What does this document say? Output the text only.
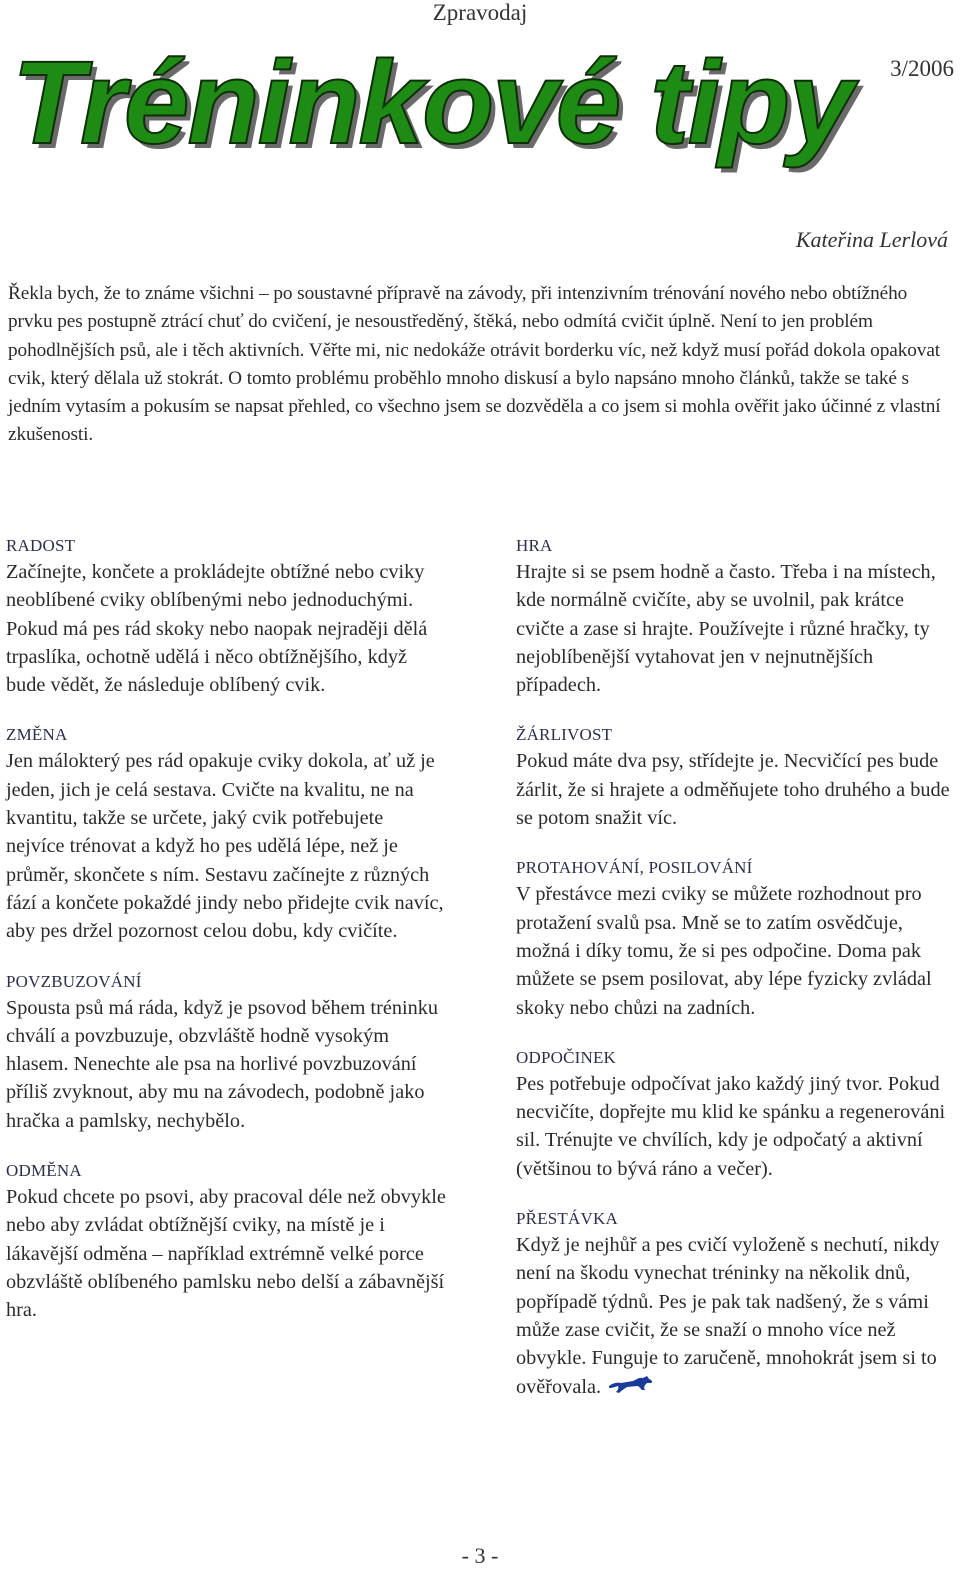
Zpravodaj
3/2006
Tréninkové tipy
Kateřina Lerlová

Řekla bych, že to známe všichni – po soustavné přípravě na závody, při intenzivním trénování nového nebo obtížného prvku pes postupně ztrácí chuť do cvičení, je nesoustředěný, štěká, nebo odmítá cvičit úplně. Není to jen problém pohodlnějších psů, ale i těch aktivních. Věřte mi, nic nedokáže otrávit borderku víc, než když musí pořád dokola opakovat cvik, který dělala už stokrát. O tomto problému proběhlo mnoho diskusí a bylo napsáno mnoho článků, takže se také s jedním vytasím a pokusím se napsat přehled, co všechno jsem se dozvěděla a co jsem si mohla ověřit jako účinné z vlastní zkušenosti.

RADOST

Začínejte, končete a prokládejte obtížné nebo cviky neoblíbené cviky oblíbenými nebo jednoduchými. Pokud má pes rád skoky nebo naopak nejraději dělá trpaslíka, ochotně udělá i něco obtížnějšího, když bude vědět, že následuje oblíbený cvik.

ZMĚNA

Jen málokterý pes rád opakuje cviky dokola, ať už je jeden, jich je celá sestava. Cvičte na kvalitu, ne na kvantitu, takže se určete, jaký cvik potřebujete nejvíce trénovat a když ho pes udělá lépe, než je průměr, skončete s ním. Sestavu začínejte z různých fází a končete pokaždé jindy nebo přidejte cvik navíc, aby pes držel pozornost celou dobu, kdy cvičíte.

POVZBUZOVÁNÍ

Spousta psů má ráda, když je psovod během tréninku chválí a povzbuzuje, obzvláště hodně vysokým hlasem. Nenechte ale psa na horlivé povzbuzování příliš zvyknout, aby mu na závodech, podobně jako hračka a pamlsky, nechybělo.

ODMĚNA

Pokud chcete po psovi, aby pracoval déle než obvykle nebo aby zvládat obtížnější cviky, na místě je i lákavější odměna – například extrémně velké porce obzvláště oblíbeného pamlsku nebo delší a zábavnější hra.

HRA

Hrajte si se psem hodně a často. Třeba i na místech, kde normálně cvičíte, aby se uvolnil, pak krátce cvičte a zase si hrajte. Používejte i různé hračky, ty nejoblíbenější vytahovat jen v nejnutnějších případech.

ŽÁRLIVOST

Pokud máte dva psy, střídejte je. Necvičící pes bude žárlit, že si hrajete a odměňujete toho druhého a bude se potom snažit víc.

PROTAHOVÁNÍ, POSILOVÁNÍ

V přestávce mezi cviky se můžete rozhodnout pro protažení svalů psa. Mně se to zatím osvědčuje, možná i díky tomu, že si pes odpočine. Doma pak můžete se psem posilovat, aby lépe fyzicky zvládal skoky nebo chůzi na zadních.

ODPOČINEK

Pes potřebuje odpočívat jako každý jiný tvor. Pokud necvičíte, dopřejte mu klid ke spánku a regenerováni sil. Trénujte ve chvílích, kdy je odpočatý a aktivní (většinou to bývá ráno a večer).

PŘESTÁVKA

Když je nejhůř a pes cvičí vyloženě s nechutí, nikdy není na škodu vynechat tréninky na několik dnů, popřípadě týdnů. Pes je pak tak nadšený, že s vámi může zase cvičit, že se snaží o mnoho více než obvykle. Funguje to zaručeně, mnohokrát jsem si to ověřovala.

- 3 -
